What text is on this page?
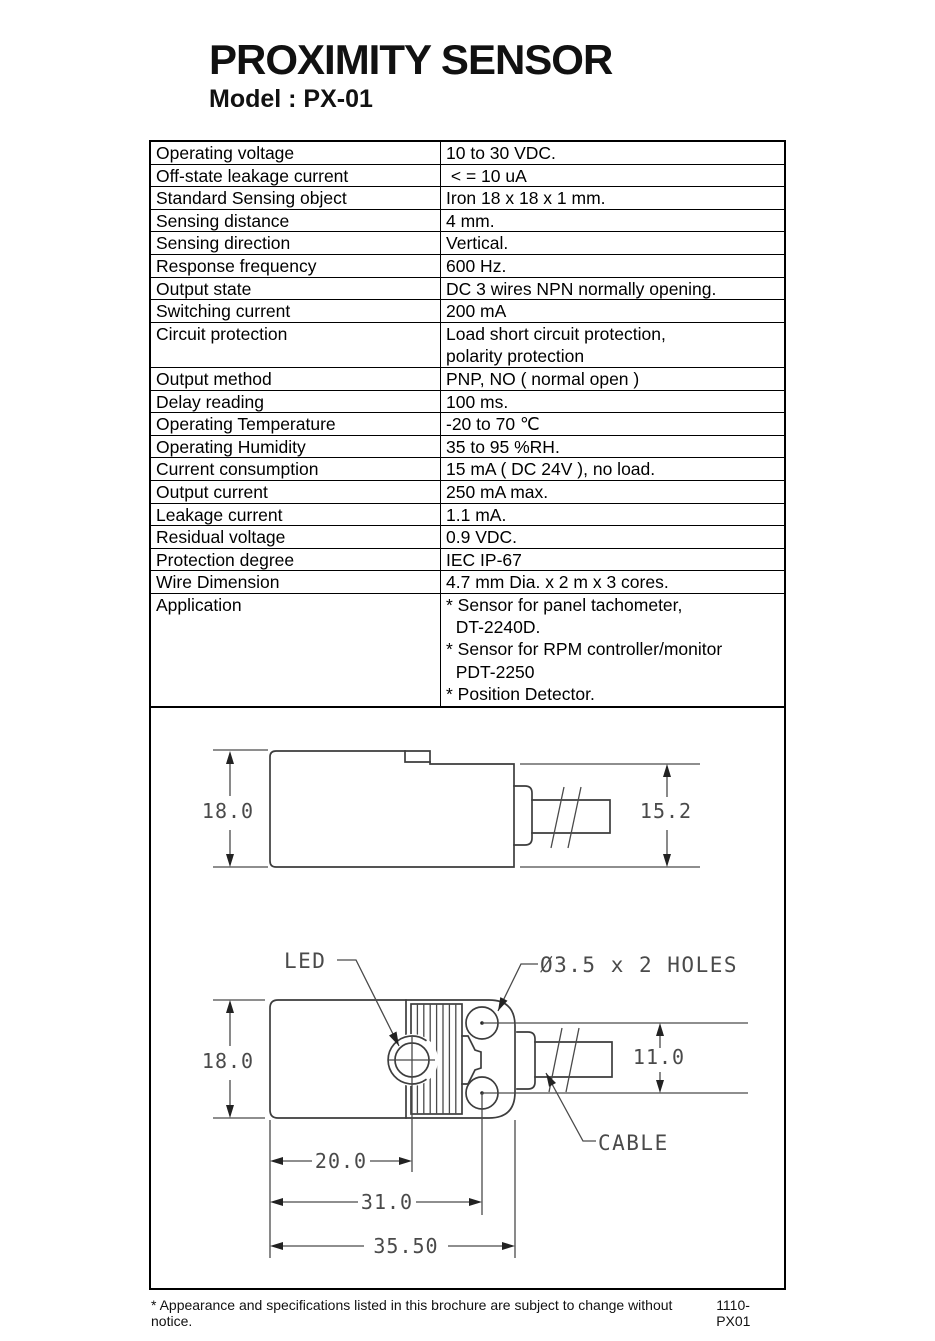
PROXIMITY SENSOR
Model : PX-01
Operating voltage	10 to 30 VDC.
Off-state leakage current	< = 10 uA
Standard Sensing object	Iron 18 x 18 x 1 mm.
Sensing distance	4 mm.
Sensing direction	Vertical.
Response frequency	600 Hz.
Output state	DC 3 wires NPN normally opening.
Switching current	200 mA
Circuit protection	Load short circuit protection,
polarity protection
Output method	PNP, NO ( normal open )
Delay reading	100 ms.
Operating Temperature	-20 to 70 ℃
Operating Humidity	35 to 95 %RH.
Current consumption	15 mA ( DC 24V ), no load.
Output current	250 mA max.
Leakage current	1.1 mA.
Residual voltage	0.9 VDC.
Protection degree	IEC IP-67
Wire Dimension	4.7 mm Dia. x 2 m x 3 cores.
Application	* Sensor for panel tachometer,
DT-2240D.
* Sensor for RPM controller/monitor
PDT-2250
* Position Detector.
18.0	15.2
18.0	11.0
LED	Ø3.5 x 2 HOLES
CABLE
20.0
31.0
35.50
* Appearance and specifications listed in this brochure are subject to change without notice.
1110-PX01
